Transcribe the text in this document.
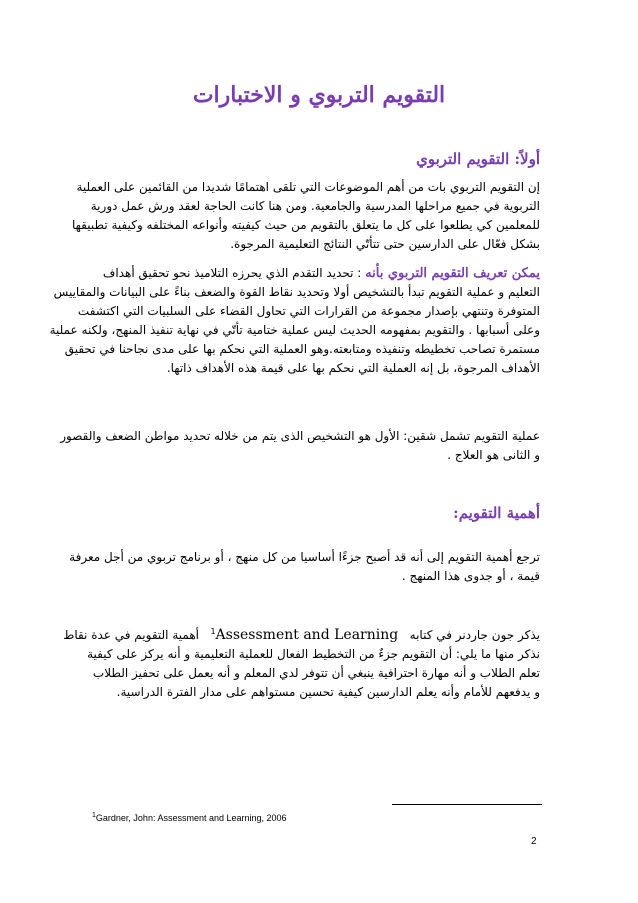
التقويم التربوي و الاختبارات
أولاً: التقويم التربوي
إن التقويم التربوي بات من أهم الموضوعات التي تلقى اهتمامًا شديدا من القائمين على العملية
التربوية في جميع مراحلها المدرسية والجامعية. ومن هنا كانت الحاجة لعقد ورش عمل دورية
للمعلمين كي يطلعوا على كل ما يتعلق بالتقويم من حيث كيفيته وأنواعه المختلفه وكيفية تطبيقها
بشكل فعّال على الدارسين حتى تتأتّي النتائج التعليمية المرجوة.
يمكن تعريف التقويم التربوي بأنه : تحديد التقدم الذي يحرزه التلاميذ نحو تحقيق أهداف
التعليم و عملية التقويم تبدأ بالتشخيص أولا وتحديد نقاط القوة والضعف بناءً على البيانات والمقاييس
المتوفرة وتنتهي بإصدار مجموعة من القرارات التي تحاول القضاء على السلبيات التي اكتشفت
وعلى أسبابها . والتقويم بمفهومه الحديث ليس عملية ختامية تأتّي في نهاية تنفيذ المنهج، ولكنه عملية
مستمرة تصاحب تخطيطه وتنفيذه ومتابعته.وهو العملية التي نحكم بها على مدى نجاحنا في تحقيق
الأهداف المرجوة، بل إنه العملية التي نحكم بها على قيمة هذه الأهداف ذاتها.
عملية التقويم تشمل شقين: الأول هو التشخيص الذى يتم من خلاله تحديد مواطن الضعف والقصور
و الثانى هو العلاج .
أهمية التقويم:
ترجع أهمية التقويم إلى أنه قد أصبح جزءًا أساسيا من كل منهج ، أو برنامج تربوي من أجل معرفة
قيمة ، أو جدوى هذا المنهج .
يذكر جون جاردنر في كتابه   $^1$Assessment and Learning   أهمية التقويم في عدة نقاط
نذكر منها ما يلي: أن التقويم جزءٌ من التخطيط الفعال للعملية التعليمية و أنه يركز على كيفية
تعلم الطلاب و أنه مهارة احترافية ينبغي أن تتوفر لدي المعلم و أنه يعمل على تحفيز الطلاب
و يدفعهم للأمام وأنه يعلم الدارسين كيفية تحسين مستواهم على مدار الفترة الدراسية.
$^1$Gardner, John: Assessment and Learning, 2006
2
